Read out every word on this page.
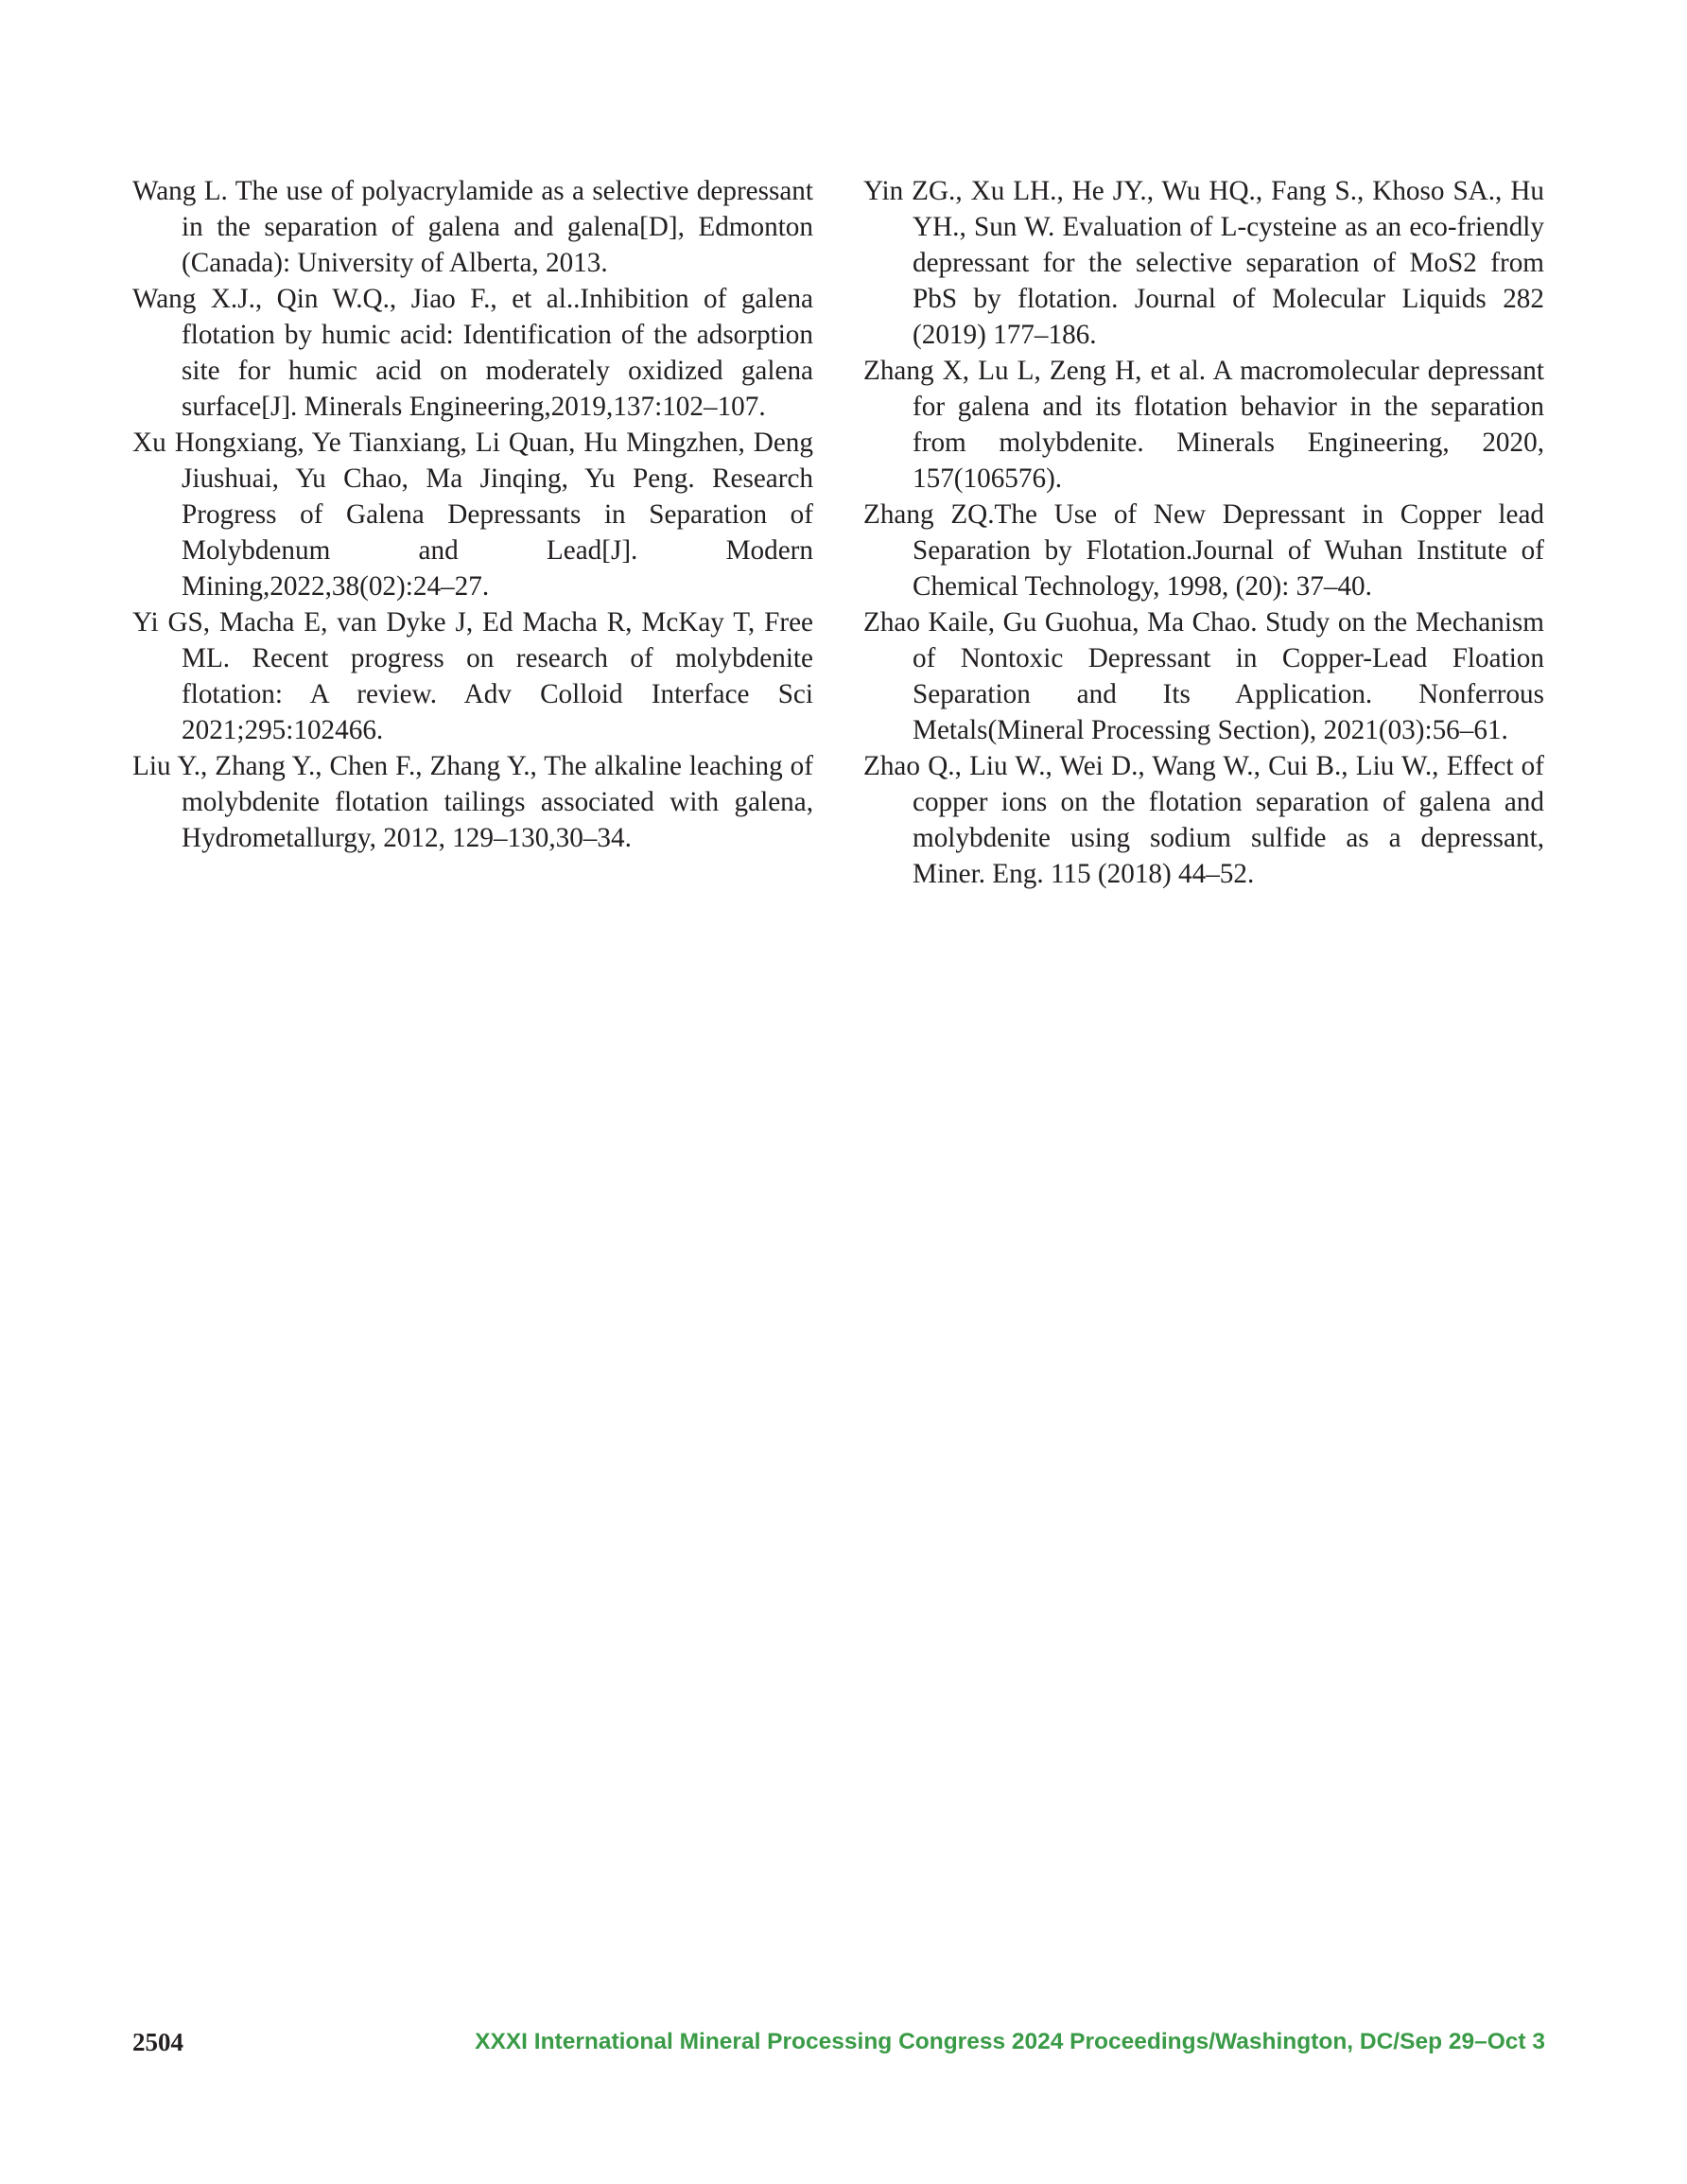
Wang L. The use of polyacrylamide as a selective depressant in the separation of galena and galena[D], Edmonton (Canada): University of Alberta, 2013.
Wang X.J., Qin W.Q., Jiao F., et al..Inhibition of galena flotation by humic acid: Identification of the adsorption site for humic acid on moderately oxidized galena surface[J]. Minerals Engineering,2019,137:102–107.
Xu Hongxiang, Ye Tianxiang, Li Quan, Hu Mingzhen, Deng Jiushuai, Yu Chao, Ma Jinqing, Yu Peng. Research Progress of Galena Depressants in Separation of Molybdenum and Lead[J]. Modern Mining,2022,38(02):24–27.
Yi GS, Macha E, van Dyke J, Ed Macha R, McKay T, Free ML. Recent progress on research of molybdenite flotation: A review. Adv Colloid Interface Sci 2021;295:102466.
Liu Y., Zhang Y., Chen F., Zhang Y., The alkaline leaching of molybdenite flotation tailings associated with galena, Hydrometallurgy, 2012, 129–130,30–34.
Yin ZG., Xu LH., He JY., Wu HQ., Fang S., Khoso SA., Hu YH., Sun W. Evaluation of L-cysteine as an eco-friendly depressant for the selective separation of MoS2 from PbS by flotation. Journal of Molecular Liquids 282 (2019) 177–186.
Zhang X, Lu L, Zeng H, et al. A macromolecular depressant for galena and its flotation behavior in the separation from molybdenite. Minerals Engineering, 2020, 157(106576).
Zhang ZQ.The Use of New Depressant in Copper lead Separation by Flotation.Journal of Wuhan Institute of Chemical Technology, 1998, (20): 37–40.
Zhao Kaile, Gu Guohua, Ma Chao. Study on the Mechanism of Nontoxic Depressant in Copper-Lead Floation Separation and Its Application. Nonferrous Metals(Mineral Processing Section), 2021(03):56–61.
Zhao Q., Liu W., Wei D., Wang W., Cui B., Liu W., Effect of copper ions on the flotation separation of galena and molybdenite using sodium sulfide as a depressant, Miner. Eng. 115 (2018) 44–52.
2504	XXXI International Mineral Processing Congress 2024 Proceedings/Washington, DC/Sep 29–Oct 3
